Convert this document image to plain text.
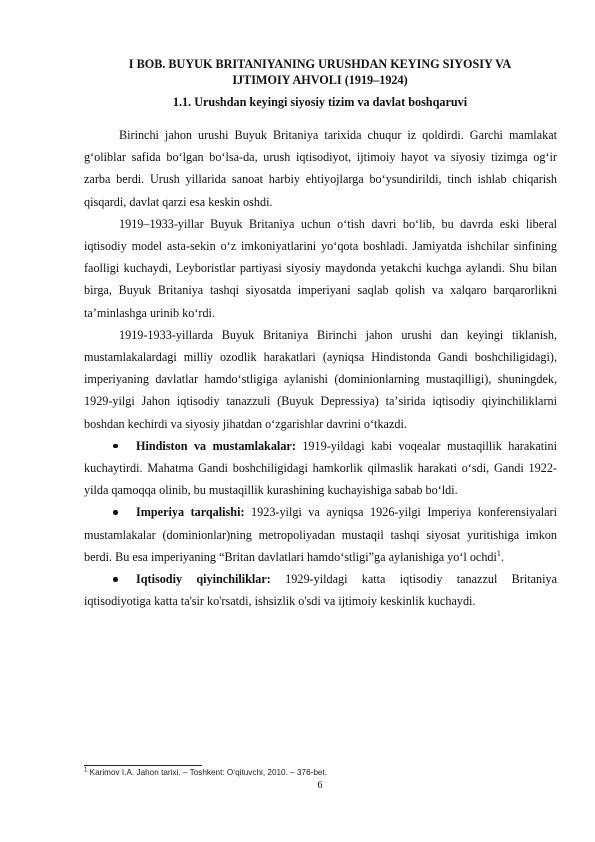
I BOB. BUYUK BRITANIYANING URUSHDAN KEYING SIYOSIY VA
IJTIMOIY AHVOLI (1919–1924)
1.1. Urushdan keyingi siyosiy tizim va davlat boshqaruvi

Birinchi jahon urushi Buyuk Britaniya tarixida chuqur iz qoldirdi. Garchi mamlakat g‘oliblar safida bo‘lgan bo‘lsa-da, urush iqtisodiyot, ijtimoiy hayot va siyosiy tizimga og‘ir zarba berdi. Urush yillarida sanoat harbiy ehtiyojlarga bo‘ysundirildi, tinch ishlab chiqarish qisqardi, davlat qarzi esa keskin oshdi.

1919–1933-yillar Buyuk Britaniya uchun o‘tish davri bo‘lib, bu davrda eski liberal iqtisodiy model asta-sekin o‘z imkoniyatlarini yo‘qota boshladi. Jamiyatda ishchilar sinfining faolligi kuchaydi, Leyboristlar partiyasi siyosiy maydonda yetakchi kuchga aylandi. Shu bilan birga, Buyuk Britaniya tashqi siyosatda imperiyani saqlab qolish va xalqaro barqarorlikni ta’minlashga urinib ko‘rdi.

1919-1933-yillarda Buyuk Britaniya Birinchi jahon urushi dan keyingi tiklanish, mustamlakalardagi milliy ozodlik harakatlari (ayniqsa Hindistonda Gandi boshchiligidagi), imperiyaning davlatlar hamdo‘stligiga aylanishi (dominionlarning mustaqilligi), shuningdek, 1929-yilgi Jahon iqtisodiy tanazzuli (Buyuk Depressiya) taʼsirida iqtisodiy qiyinchiliklarni boshdan kechirdi va siyosiy jihatdan oʻzgarishlar davrini oʻtkazdi.

Hindiston va mustamlakalar: 1919-yildagi kabi voqealar mustaqillik harakatini kuchaytirdi. Mahatma Gandi boshchiligidagi hamkorlik qilmaslik harakati oʻsdi, Gandi 1922-yilda qamoqqa olinib, bu mustaqillik kurashining kuchayishiga sabab boʻldi.

Imperiya tarqalishi: 1923-yilgi va ayniqsa 1926-yilgi Imperiya konferensiyalari mustamlakalar (dominionlar)ning metropoliyadan mustaqil tashqi siyosat yuritishiga imkon berdi. Bu esa imperiyaning “Britan davlatlari hamdoʻstligi”ga aylanishiga yoʻl ochdi$^1$.

Iqtisodiy qiyinchiliklar: 1929-yildagi katta iqtisodiy tanazzul Britaniya iqtisodiyotiga katta ta'sir ko'rsatdi, ishsizlik o'sdi va ijtimoiy keskinlik kuchaydi.

$^1$ Karimov I.A. Jahon tarixi. – Toshkent: O‘qituvchi, 2010. – 376-bet.
6
